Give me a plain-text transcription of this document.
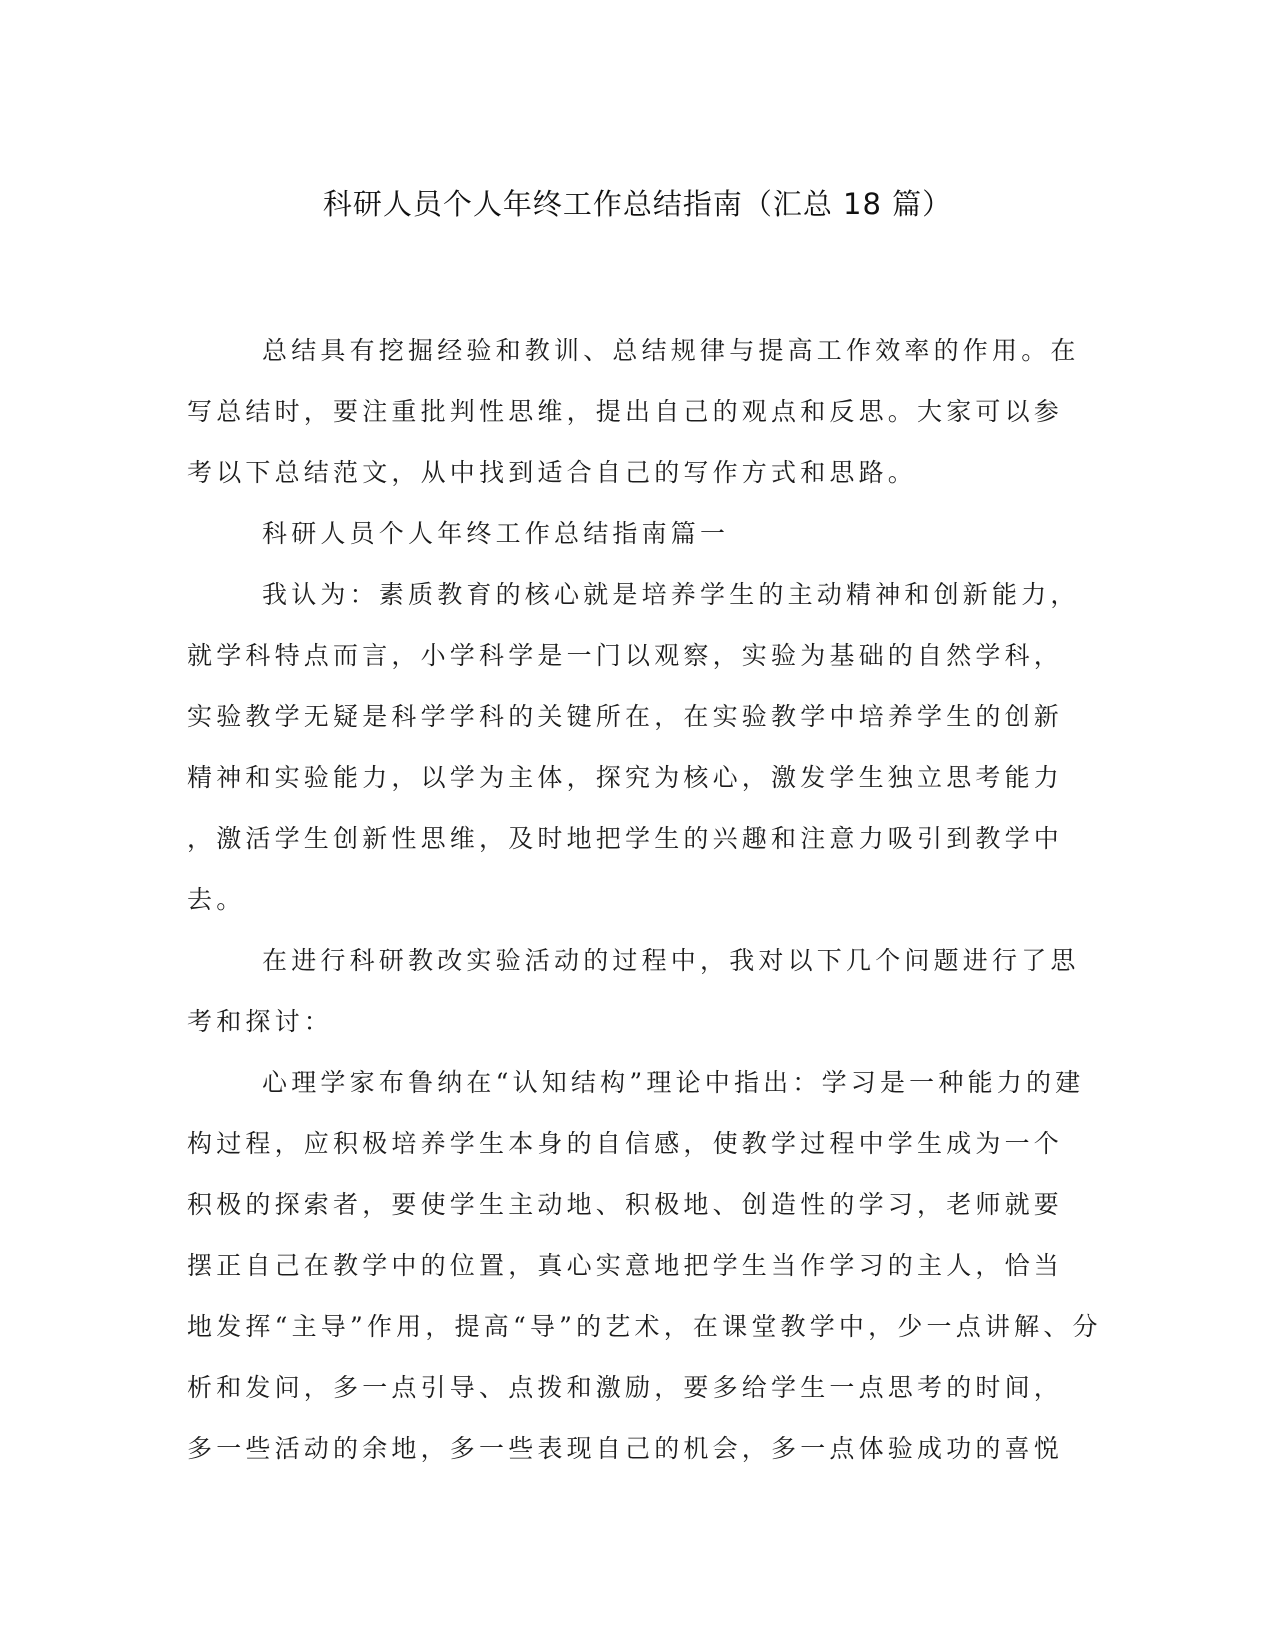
科研人员个人年终工作总结指南（汇总 18 篇）
总结具有挖掘经验和教训、总结规律与提高工作效率的作用。在
写总结时，要注重批判性思维，提出自己的观点和反思。大家可以参
考以下总结范文，从中找到适合自己的写作方式和思路。
科研人员个人年终工作总结指南篇一
我认为：素质教育的核心就是培养学生的主动精神和创新能力，
就学科特点而言，小学科学是一门以观察，实验为基础的自然学科，
实验教学无疑是科学学科的关键所在，在实验教学中培养学生的创新
精神和实验能力，以学为主体，探究为核心，激发学生独立思考能力
，激活学生创新性思维，及时地把学生的兴趣和注意力吸引到教学中
去。
在进行科研教改实验活动的过程中，我对以下几个问题进行了思
考和探讨：
心理学家布鲁纳在“认知结构”理论中指出：学习是一种能力的建
构过程，应积极培养学生本身的自信感，使教学过程中学生成为一个
积极的探索者，要使学生主动地、积极地、创造性的学习，老师就要
摆正自己在教学中的位置，真心实意地把学生当作学习的主人，恰当
地发挥“主导”作用，提高“导”的艺术，在课堂教学中，少一点讲解、分
析和发问，多一点引导、点拨和激励，要多给学生一点思考的时间，
多一些活动的余地，多一些表现自己的机会，多一点体验成功的喜悦
